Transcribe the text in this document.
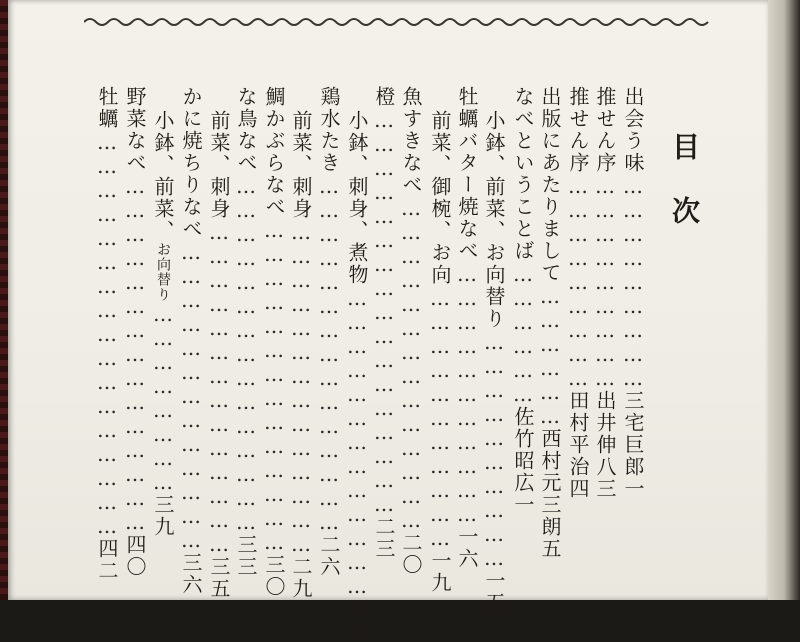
目次
出会う味………………………三宅巨郎一
推せん序………………………出井伸八三
推せん序………………………田村平治四
出版にあたりまして………………西村元三朗五
なべということば………………佐竹昭広一
小鉢、前菜、お向替り…………………………一五
牡蠣バター焼なべ……………………………一六
前菜、御椀、お向……………………………一九
魚すきなべ……………………………………二〇
橙……………………………………………二三
小鉢、刺身、煮物…………………………………二六
鶏水たき………………………………………二六
前菜、刺身……………………………………二九
鯛かぶらなべ……………………………………三〇
な鳥なべ………………………………………三三
前菜、刺身……………………………………三五
かに焼ちりなべ…………………………………三六
小鉢、前菜、お向替り……………………三九
野菜なべ………………………………………四〇
牡蠣……………………………………………四二
